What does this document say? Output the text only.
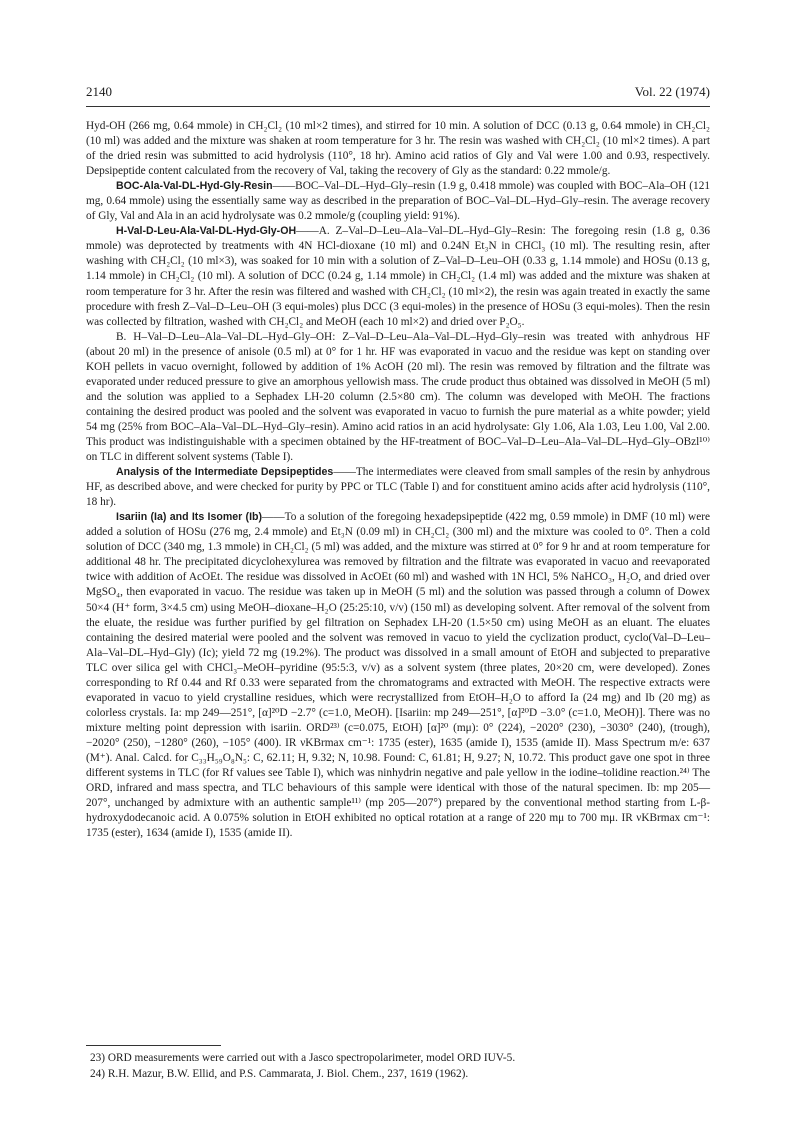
2140	Vol. 22 (1974)

Hyd-OH (266 mg, 0.64 mmole) in CH₂Cl₂ (10 ml×2 times), and stirred for 10 min. A solution of DCC (0.13 g, 0.64 mmole) in CH₂Cl₂ (10 ml) was added and the mixture was shaken at room temperature for 3 hr. The resin was washed with CH₂Cl₂ (10 ml×2 times). A part of the dried resin was submitted to acid hydrolysis (110°, 18 hr). Amino acid ratios of Gly and Val were 1.00 and 0.93, respectively. Depsipeptide content calculated from the recovery of Val, taking the recovery of Gly as the standard: 0.22 mmole/g.

BOC-Ala-Val-DL-Hyd-Gly-Resin——BOC–Val–DL–Hyd–Gly–resin (1.9 g, 0.418 mmole) was coupled with BOC–Ala–OH (121 mg, 0.64 mmole) using the essentially same way as described in the preparation of BOC–Val–DL–Hyd–Gly–resin. The average recovery of Gly, Val and Ala in an acid hydrolysate was 0.2 mmole/g (coupling yield: 91%).

H-Val-D-Leu-Ala-Val-DL-Hyd-Gly-OH——A. Z–Val–D–Leu–Ala–Val–DL–Hyd–Gly–Resin: The foregoing resin (1.8 g, 0.36 mmole) was deprotected by treatments with 4N HCl-dioxane (10 ml) and 0.24N Et₃N in CHCl₃ (10 ml). The resulting resin, after washing with CH₂Cl₂ (10 ml×3), was soaked for 10 min with a solution of Z–Val–D–Leu–OH (0.33 g, 1.14 mmole) and HOSu (0.13 g, 1.14 mmole) in CH₂Cl₂ (10 ml). A solution of DCC (0.24 g, 1.14 mmole) in CH₂Cl₂ (1.4 ml) was added and the mixture was shaken at room temperature for 3 hr. After the resin was filtered and washed with CH₂Cl₂ (10 ml×2), the resin was again treated in exactly the same procedure with fresh Z–Val–D–Leu–OH (3 equi-moles) plus DCC (3 equi-moles) in the presence of HOSu (3 equi-moles). Then the resin was collected by filtration, washed with CH₂Cl₂ and MeOH (each 10 ml×2) and dried over P₂O₅.

B. H–Val–D–Leu–Ala–Val–DL–Hyd–Gly–OH: Z–Val–D–Leu–Ala–Val–DL–Hyd–Gly–resin was treated with anhydrous HF (about 20 ml) in the presence of anisole (0.5 ml) at 0° for 1 hr. HF was evaporated in vacuo and the residue was kept on standing over KOH pellets in vacuo overnight, followed by addition of 1% AcOH (20 ml). The resin was removed by filtration and the filtrate was evaporated under reduced pressure to give an amorphous yellowish mass. The crude product thus obtained was dissolved in MeOH (5 ml) and the solution was applied to a Sephadex LH-20 column (2.5×80 cm). The column was developed with MeOH. The fractions containing the desired product was pooled and the solvent was evaporated in vacuo to furnish the pure material as a white powder; yield 54 mg (25% from BOC–Ala–Val–DL–Hyd–Gly–resin). Amino acid ratios in an acid hydrolysate: Gly 1.06, Ala 1.03, Leu 1.00, Val 2.00. This product was indistinguishable with a specimen obtained by the HF-treatment of BOC–Val–D–Leu–Ala–Val–DL–Hyd–Gly–OBzl¹⁰⁾ on TLC in different solvent systems (Table I).

Analysis of the Intermediate Depsipeptides——The intermediates were cleaved from small samples of the resin by anhydrous HF, as described above, and were checked for purity by PPC or TLC (Table I) and for constituent amino acids after acid hydrolysis (110°, 18 hr).

Isariin (Ia) and Its Isomer (Ib)——To a solution of the foregoing hexadepsipeptide (422 mg, 0.59 mmole) in DMF (10 ml) were added a solution of HOSu (276 mg, 2.4 mmole) and Et₃N (0.09 ml) in CH₂Cl₂ (300 ml) and the mixture was cooled to 0°. Then a cold solution of DCC (340 mg, 1.3 mmole) in CH₂Cl₂ (5 ml) was added, and the mixture was stirred at 0° for 9 hr and at room temperature for additional 48 hr. The precipitated dicyclohexylurea was removed by filtration and the filtrate was evaporated in vacuo and reevaporated twice with addition of AcOEt. The residue was dissolved in AcOEt (60 ml) and washed with 1N HCl, 5% NaHCO₃, H₂O, and dried over MgSO₄, then evaporated in vacuo. The residue was taken up in MeOH (5 ml) and the solution was passed through a column of Dowex 50×4 (H⁺ form, 3×4.5 cm) using MeOH–dioxane–H₂O (25:25:10, v/v) (150 ml) as developing solvent. After removal of the solvent from the eluate, the residue was further purified by gel filtration on Sephadex LH-20 (1.5×50 cm) using MeOH as an eluant. The eluates containing the desired material were pooled and the solvent was removed in vacuo to yield the cyclization product, cyclo(Val–D–Leu–Ala–Val–DL–Hyd–Gly) (Ic); yield 72 mg (19.2%). The product was dissolved in a small amount of EtOH and subjected to preparative TLC over silica gel with CHCl₃–MeOH–pyridine (95:5:3, v/v) as a solvent system (three plates, 20×20 cm, were developed). Zones corresponding to Rf 0.44 and Rf 0.33 were separated from the chromatograms and extracted with MeOH. The respective extracts were evaporated in vacuo to yield crystalline residues, which were recrystallized from EtOH–H₂O to afford Ia (24 mg) and Ib (20 mg) as colorless crystals. Ia: mp 249—251°, [α]²⁰D −2.7° (c=1.0, MeOH). [Isariin: mp 249—251°, [α]²⁰D −3.0° (c=1.0, MeOH)]. There was no mixture melting point depression with isariin. ORD²³⁾ (c=0.075, EtOH) [α]²⁰ (mμ): 0° (224), −2020° (230), −3030° (240), (trough), −2020° (250), −1280° (260), −105° (400). IR νKBrmax cm⁻¹: 1735 (ester), 1635 (amide I), 1535 (amide II). Mass Spectrum m/e: 637 (M⁺). Anal. Calcd. for C₃₃H₅₉O₈N₅: C, 62.11; H, 9.32; N, 10.98. Found: C, 61.81; H, 9.27; N, 10.72. This product gave one spot in three different systems in TLC (for Rf values see Table I), which was ninhydrin negative and pale yellow in the iodine–tolidine reaction.²⁴⁾ The ORD, infrared and mass spectra, and TLC behaviours of this sample were identical with those of the natural specimen. Ib: mp 205—207°, unchanged by admixture with an authentic sample¹¹⁾ (mp 205—207°) prepared by the conventional method starting from L-β-hydroxydodecanoic acid. A 0.075% solution in EtOH exhibited no optical rotation at a range of 220 mμ to 700 mμ. IR νKBrmax cm⁻¹: 1735 (ester), 1634 (amide I), 1535 (amide II).

23) ORD measurements were carried out with a Jasco spectropolarimeter, model ORD IUV-5.

24) R.H. Mazur, B.W. Ellid, and P.S. Cammarata, J. Biol. Chem., 237, 1619 (1962).
